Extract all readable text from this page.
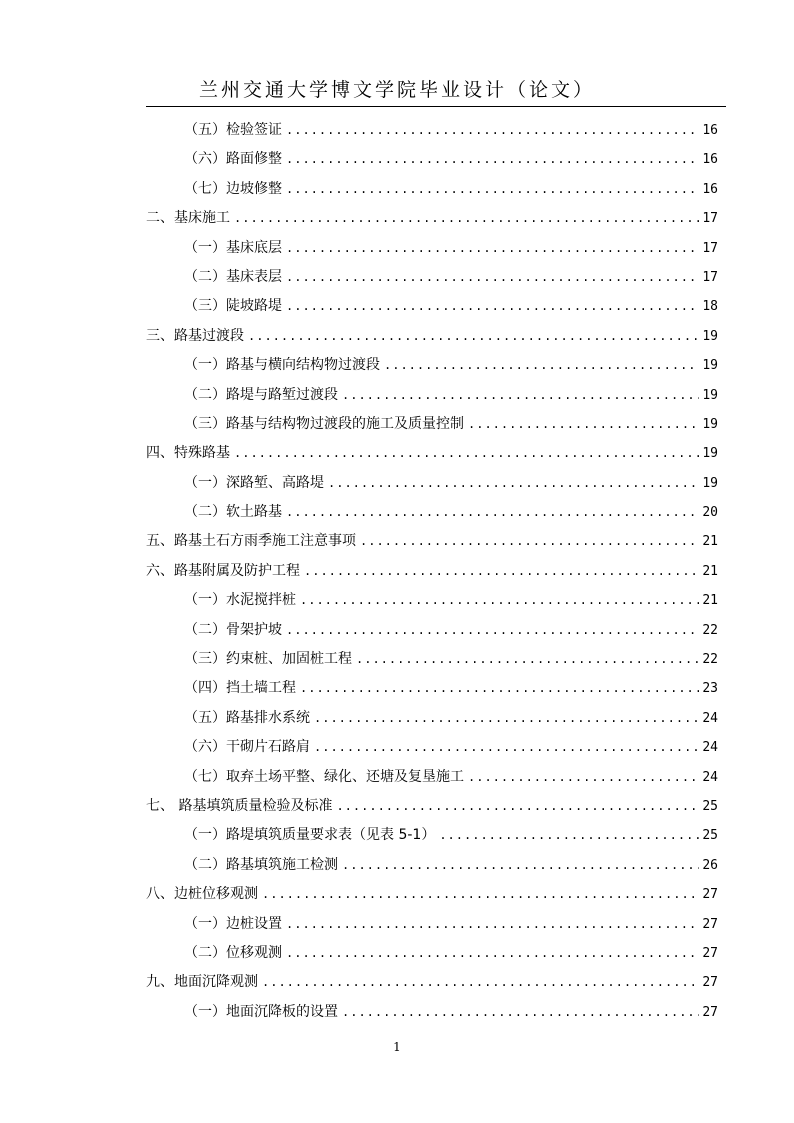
兰州交通大学博文学院毕业设计（论文）
（五）检验签证 .....	16
（六）路面修整 .....	16
（七）边坡修整 .....	16
二、基床施工 .....	17
（一）基床底层 .....	17
（二）基床表层 .....	17
（三）陡坡路堤 .....	18
三、路基过渡段 .....	19
（一）路基与横向结构物过渡段 .....	19
（二）路堤与路堑过渡段 .....	19
（三）路基与结构物过渡段的施工及质量控制 .....	19
四、特殊路基 .....	19
（一）深路堑、高路堤 .....	19
（二）软土路基 .....	20
五、路基土石方雨季施工注意事项 .....	21
六、路基附属及防护工程 .....	21
（一）水泥搅拌桩 .....	21
（二）骨架护坡 .....	22
（三）约束桩、加固桩工程 .....	22
（四）挡土墙工程 .....	23
（五）路基排水系统 .....	24
（六）干砌片石路肩 .....	24
（七）取弃土场平整、绿化、还塘及复垦施工 .....	24
七、 路基填筑质量检验及标准 .....	25
（一）路堤填筑质量要求表（见表 5-1） .....	25
（二）路基填筑施工检测 .....	26
八、边桩位移观测 .....	27
（一）边桩设置 .....	27
（二）位移观测 .....	27
九、地面沉降观测 .....	27
（一）地面沉降板的设置 .....	27
1
